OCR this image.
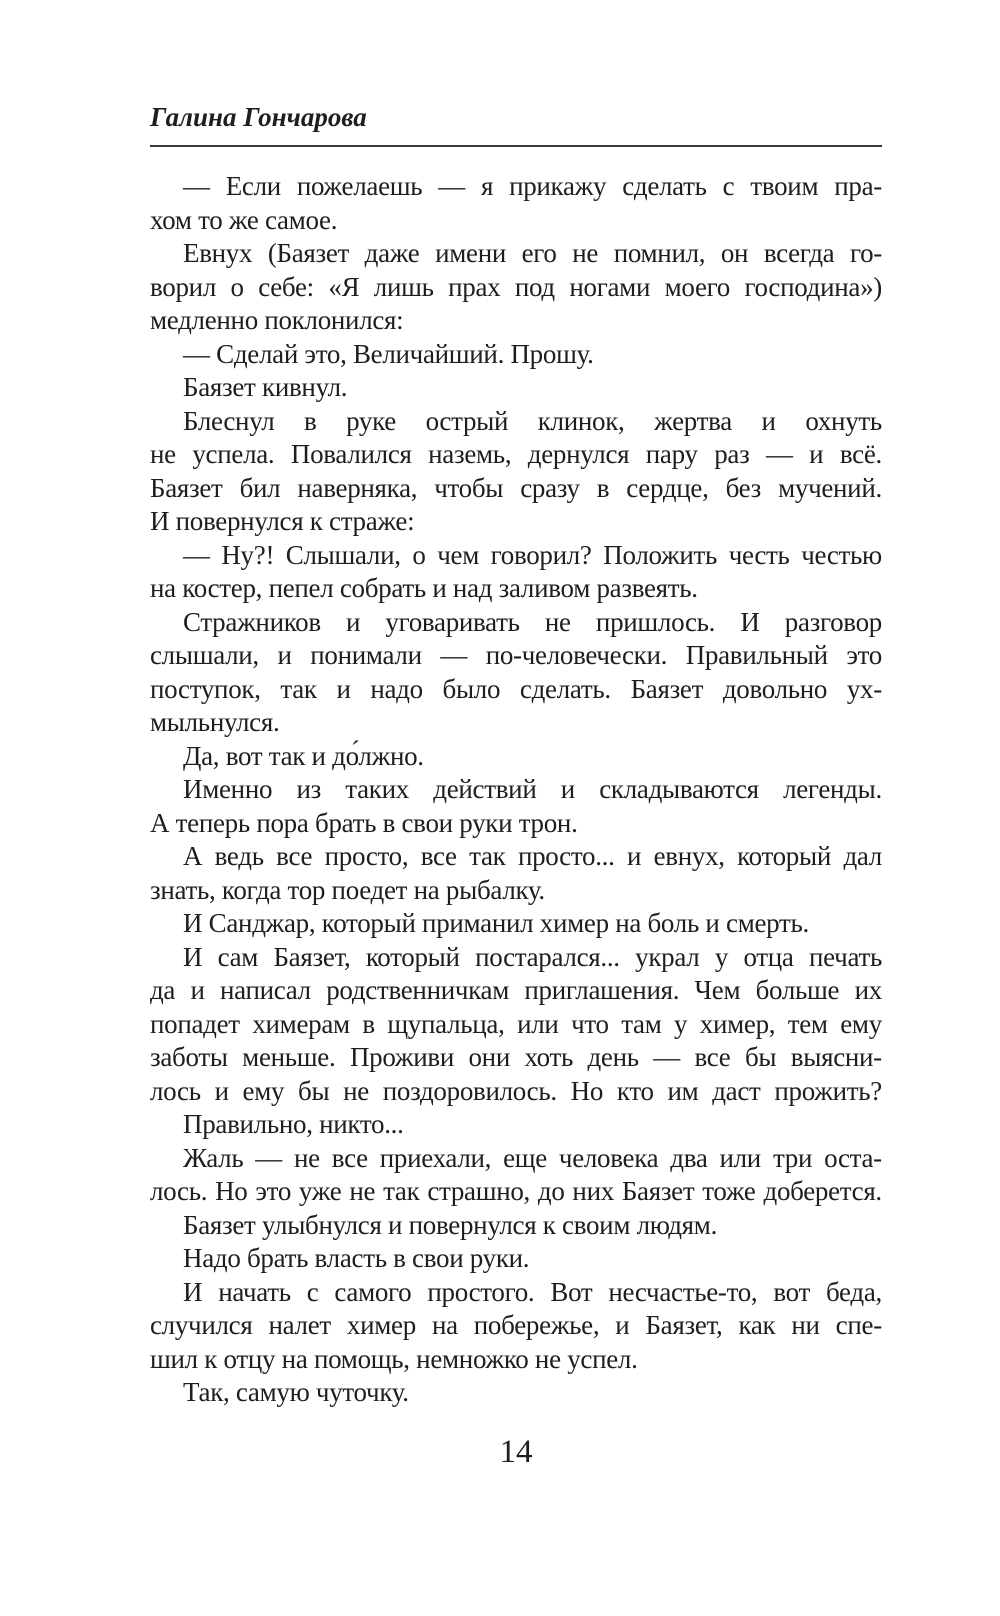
Галина Гончарова
— Если пожелаешь — я прикажу сделать с твоим пра-
хом то же самое.
Евнух (Баязет даже имени его не помнил, он всегда го-
ворил о себе: «Я лишь прах под ногами моего господина»)
медленно поклонился:
— Сделай это, Величайший. Прошу.
Баязет кивнул.
Блеснул в руке острый клинок, жертва и охнуть
не успела. Повалился наземь, дернулся пару раз — и всё.
Баязет бил наверняка, чтобы сразу в сердце, без мучений.
И повернулся к страже:
— Ну?! Слышали, о чем говорил? Положить честь честью
на костер, пепел собрать и над заливом развеять.
Стражников и уговаривать не пришлось. И разговор
слышали, и понимали — по-человечески. Правильный это
поступок, так и надо было сделать. Баязет довольно ух-
мыльнулся.
Да, вот так и до́лжно.
Именно из таких действий и складываются легенды.
А теперь пора брать в свои руки трон.
А ведь все просто, все так просто... и евнух, который дал
знать, когда тор поедет на рыбалку.
И Санджар, который приманил химер на боль и смерть.
И сам Баязет, который постарался... украл у отца печать
да и написал родственничкам приглашения. Чем больше их
попадет химерам в щупальца, или что там у химер, тем ему
заботы меньше. Проживи они хоть день — все бы выясни-
лось и ему бы не поздоровилось. Но кто им даст прожить?
Правильно, никто...
Жаль — не все приехали, еще человека два или три оста-
лось. Но это уже не так страшно, до них Баязет тоже доберется.
Баязет улыбнулся и повернулся к своим людям.
Надо брать власть в свои руки.
И начать с самого простого. Вот несчастье-то, вот беда,
случился налет химер на побережье, и Баязет, как ни спе-
шил к отцу на помощь, немножко не успел.
Так, самую чуточку.
14
